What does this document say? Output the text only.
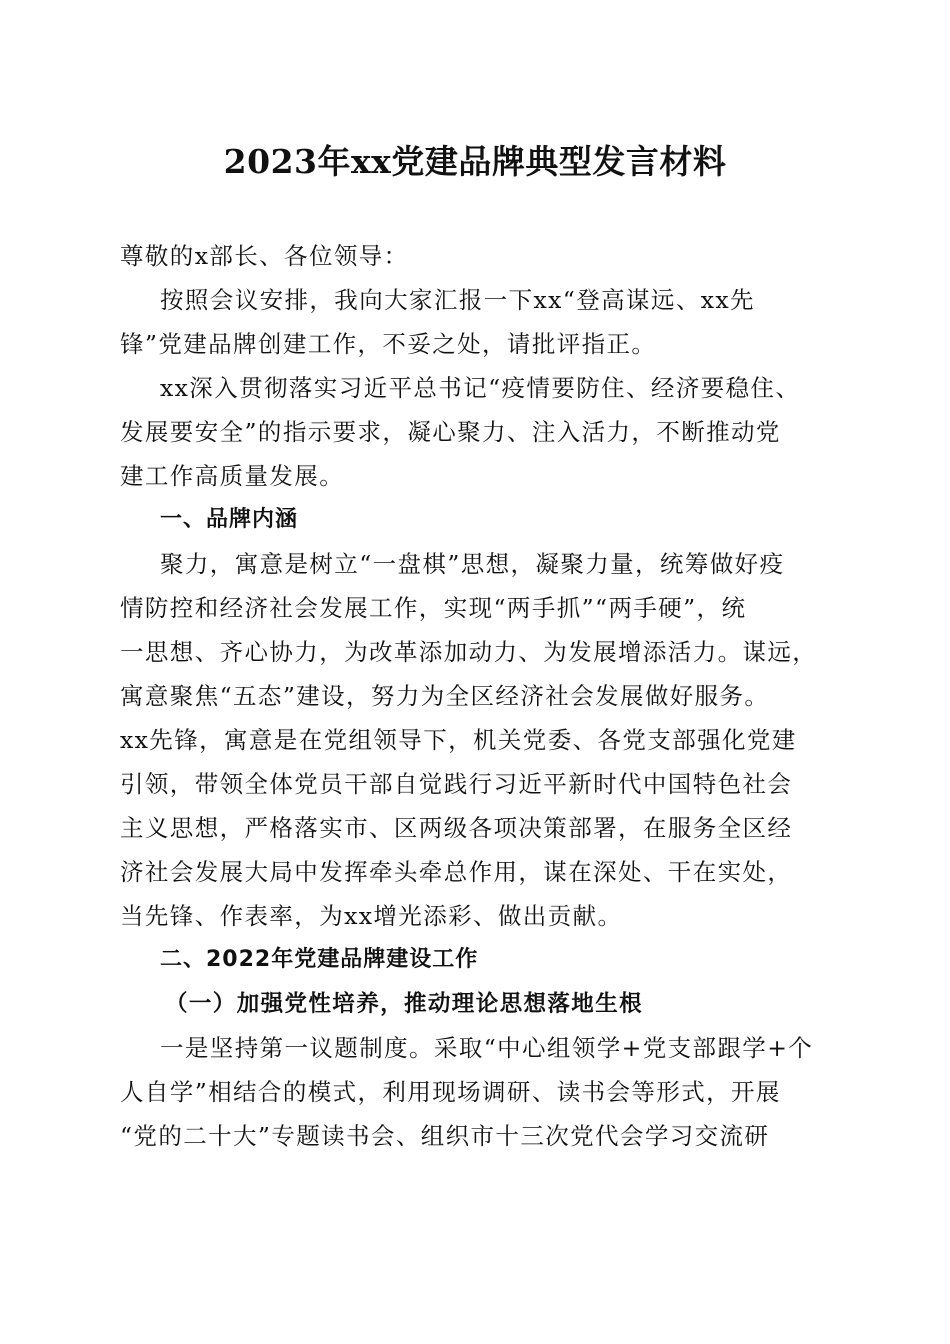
2023年xx党建品牌典型发言材料
尊敬的x部长、各位领导：
按照会议安排，我向大家汇报一下xx“登高谋远、xx先
锋”党建品牌创建工作，不妥之处，请批评指正。
xx深入贯彻落实习近平总书记“疫情要防住、经济要稳住、
发展要安全”的指示要求，凝心聚力、注入活力，不断推动党
建工作高质量发展。
一、品牌内涵
聚力，寓意是树立“一盘棋”思想，凝聚力量，统筹做好疫
情防控和经济社会发展工作，实现“两手抓”“两手硬”，统
一思想、齐心协力，为改革添加动力、为发展增添活力。谋远，
寓意聚焦“五态”建设，努力为全区经济社会发展做好服务。
xx先锋，寓意是在党组领导下，机关党委、各党支部强化党建
引领，带领全体党员干部自觉践行习近平新时代中国特色社会
主义思想，严格落实市、区两级各项决策部署，在服务全区经
济社会发展大局中发挥牵头牵总作用，谋在深处、干在实处，
当先锋、作表率，为xx增光添彩、做出贡献。
二、2022年党建品牌建设工作
（一）加强党性培养，推动理论思想落地生根
一是坚持第一议题制度。采取“中心组领学+党支部跟学+个
人自学”相结合的模式，利用现场调研、读书会等形式，开展
“党的二十大”专题读书会、组织市十三次党代会学习交流研
